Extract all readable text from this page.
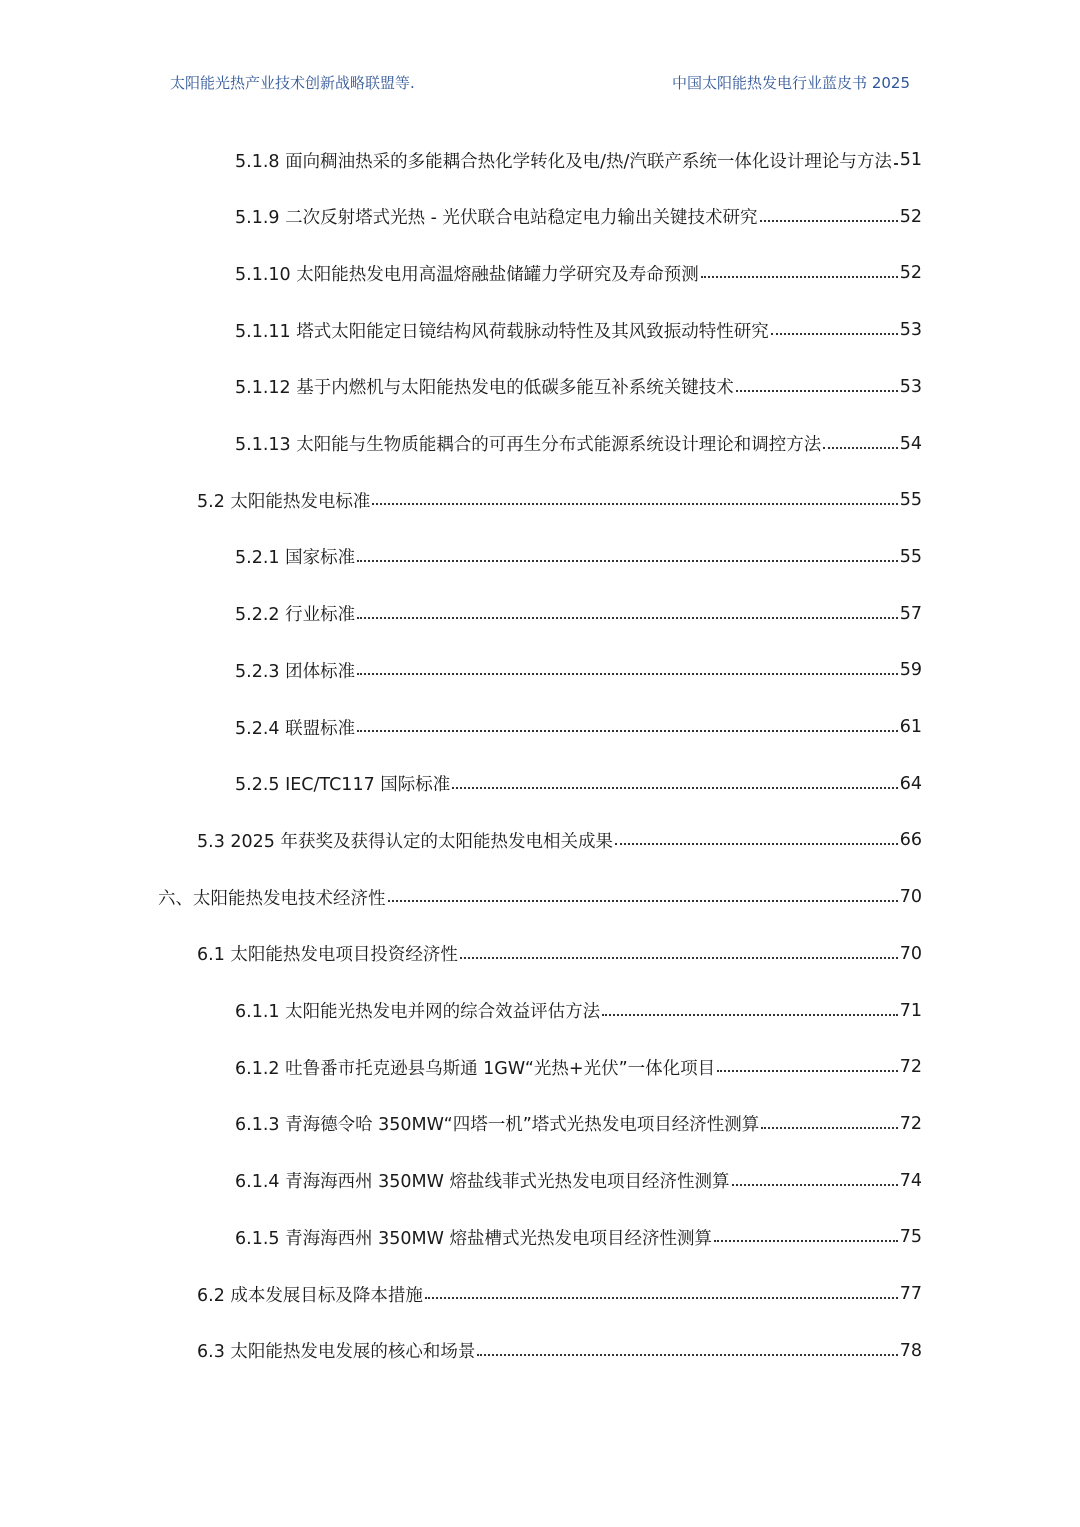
太阳能光热产业技术创新战略联盟等.	中国太阳能热发电行业蓝皮书 2025
5.1.8 面向稠油热采的多能耦合热化学转化及电/热/汽联产系统一体化设计理论与方法 51
5.1.9 二次反射塔式光热 - 光伏联合电站稳定电力输出关键技术研究	52
5.1.10 太阳能热发电用高温熔融盐储罐力学研究及寿命预测	52
5.1.11 塔式太阳能定日镜结构风荷载脉动特性及其风致振动特性研究	53
5.1.12 基于内燃机与太阳能热发电的低碳多能互补系统关键技术	53
5.1.13 太阳能与生物质能耦合的可再生分布式能源系统设计理论和调控方法	54
5.2 太阳能热发电标准	55
5.2.1 国家标准	55
5.2.2 行业标准	57
5.2.3 团体标准	59
5.2.4 联盟标准	61
5.2.5 IEC/TC117 国际标准	64
5.3 2025 年获奖及获得认定的太阳能热发电相关成果	66
六、太阳能热发电技术经济性	70
6.1 太阳能热发电项目投资经济性	70
6.1.1 太阳能光热发电并网的综合效益评估方法	71
6.1.2 吐鲁番市托克逊县乌斯通 1GW“光热+光伏”一体化项目	72
6.1.3 青海德令哈 350MW“四塔一机”塔式光热发电项目经济性测算	72
6.1.4 青海海西州 350MW 熔盐线菲式光热发电项目经济性测算	74
6.1.5 青海海西州 350MW 熔盐槽式光热发电项目经济性测算	75
6.2 成本发展目标及降本措施	77
6.3 太阳能热发电发展的核心和场景	78
